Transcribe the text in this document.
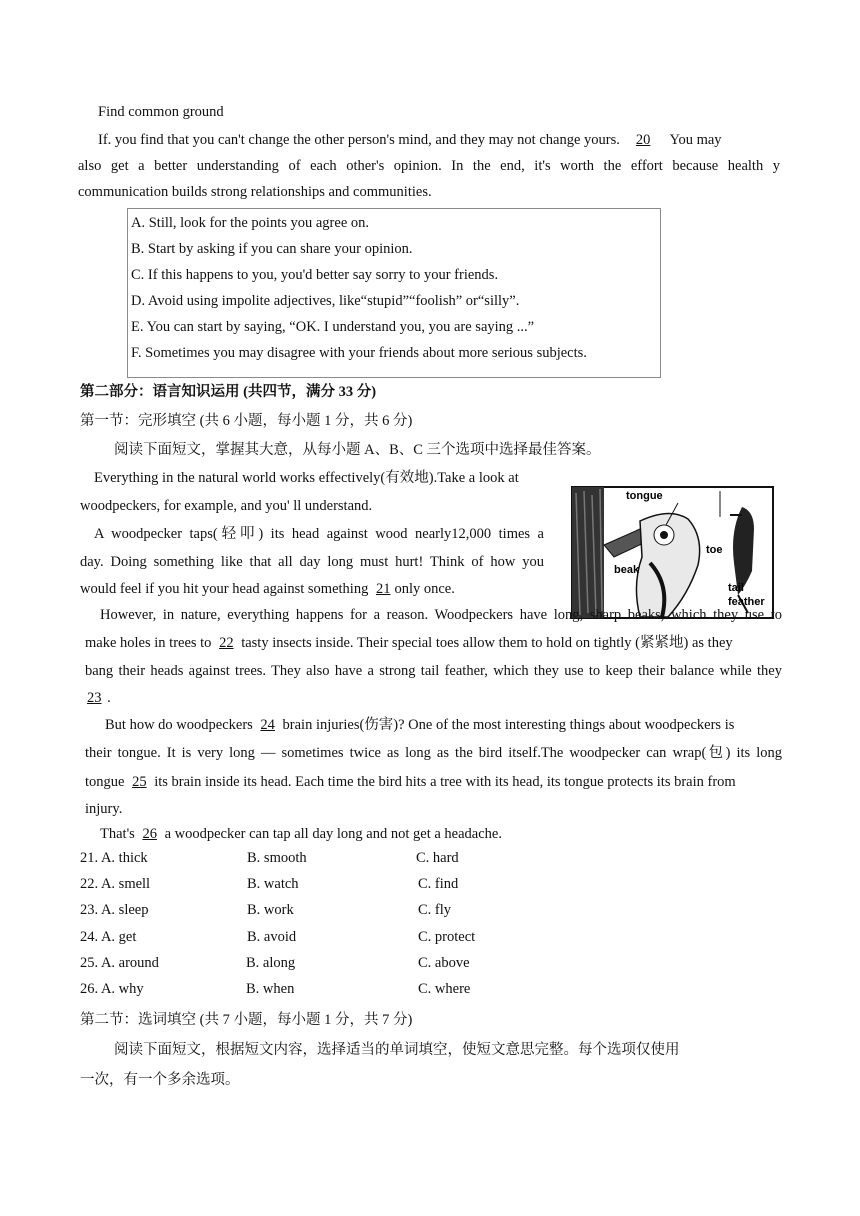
Find common ground
If. you find that you can't change the other person's mind, and they may not change yours. 20 You may
also get a better understanding of each other's opinion. In the end, it's worth the effort because health y
communication builds strong relationships and communities.
A. Still, look for the points you agree on.
B. Start by asking if you can share your opinion.
C. If this happens to you, you'd better say sorry to your friends.
D. Avoid using impolite adjectives, like“stupid”“foolish” or“silly”.
E. You can start by saying, “OK. I understand you, you are saying ...”
F. Sometimes you may disagree with your friends about more serious subjects.
第二部分：语言知识运用 (共四节，满分 33 分)
第一节：完形填空 (共 6 小题，每小题 1 分，共 6 分)
阅读下面短文，掌握其大意，从每小题 A、B、C 三个选项中选择最佳答案。
Everything in the natural world works effectively(有效地).Take a look at
woodpeckers, for example, and you' ll understand.
A woodpecker taps(轻叩) its head against wood nearly12,000 times a
day. Doing something like that all day long must hurt! Think of how you
would feel if you hit your head against something 21 only once.
tongue
beak
toe
tail
feather
However, in nature, everything happens for a reason. Woodpeckers have long, sharp beaks, which they use to
make holes in trees to 22 tasty insects inside. Their special toes allow them to hold on tightly (紧紧地) as they
bang their heads against trees. They also have a strong tail feather, which they use to keep their balance while they
23 .
But how do woodpeckers 24 brain injuries(伤害)? One of the most interesting things about woodpeckers is
their tongue. It is very long — sometimes twice as long as the bird itself.The woodpecker can wrap(包) its long
tongue 25 its brain inside its head. Each time the bird hits a tree with its head, its tongue protects its brain from
injury.
That's 26 a woodpecker can tap all day long and not get a headache.
21. A. thick	B. smooth	C. hard
22. A. smell	B. watch	C. find
23. A. sleep	B. work	C. fly
24. A. get	B. avoid	C. protect
25. A. around	B. along	C. above
26. A. why	B. when	C. where
第二节：选词填空 (共 7 小题，每小题 1 分，共 7 分)
阅读下面短文，根据短文内容，选择适当的单词填空，使短文意思完整。每个选项仅使用
一次，有一个多余选项。
